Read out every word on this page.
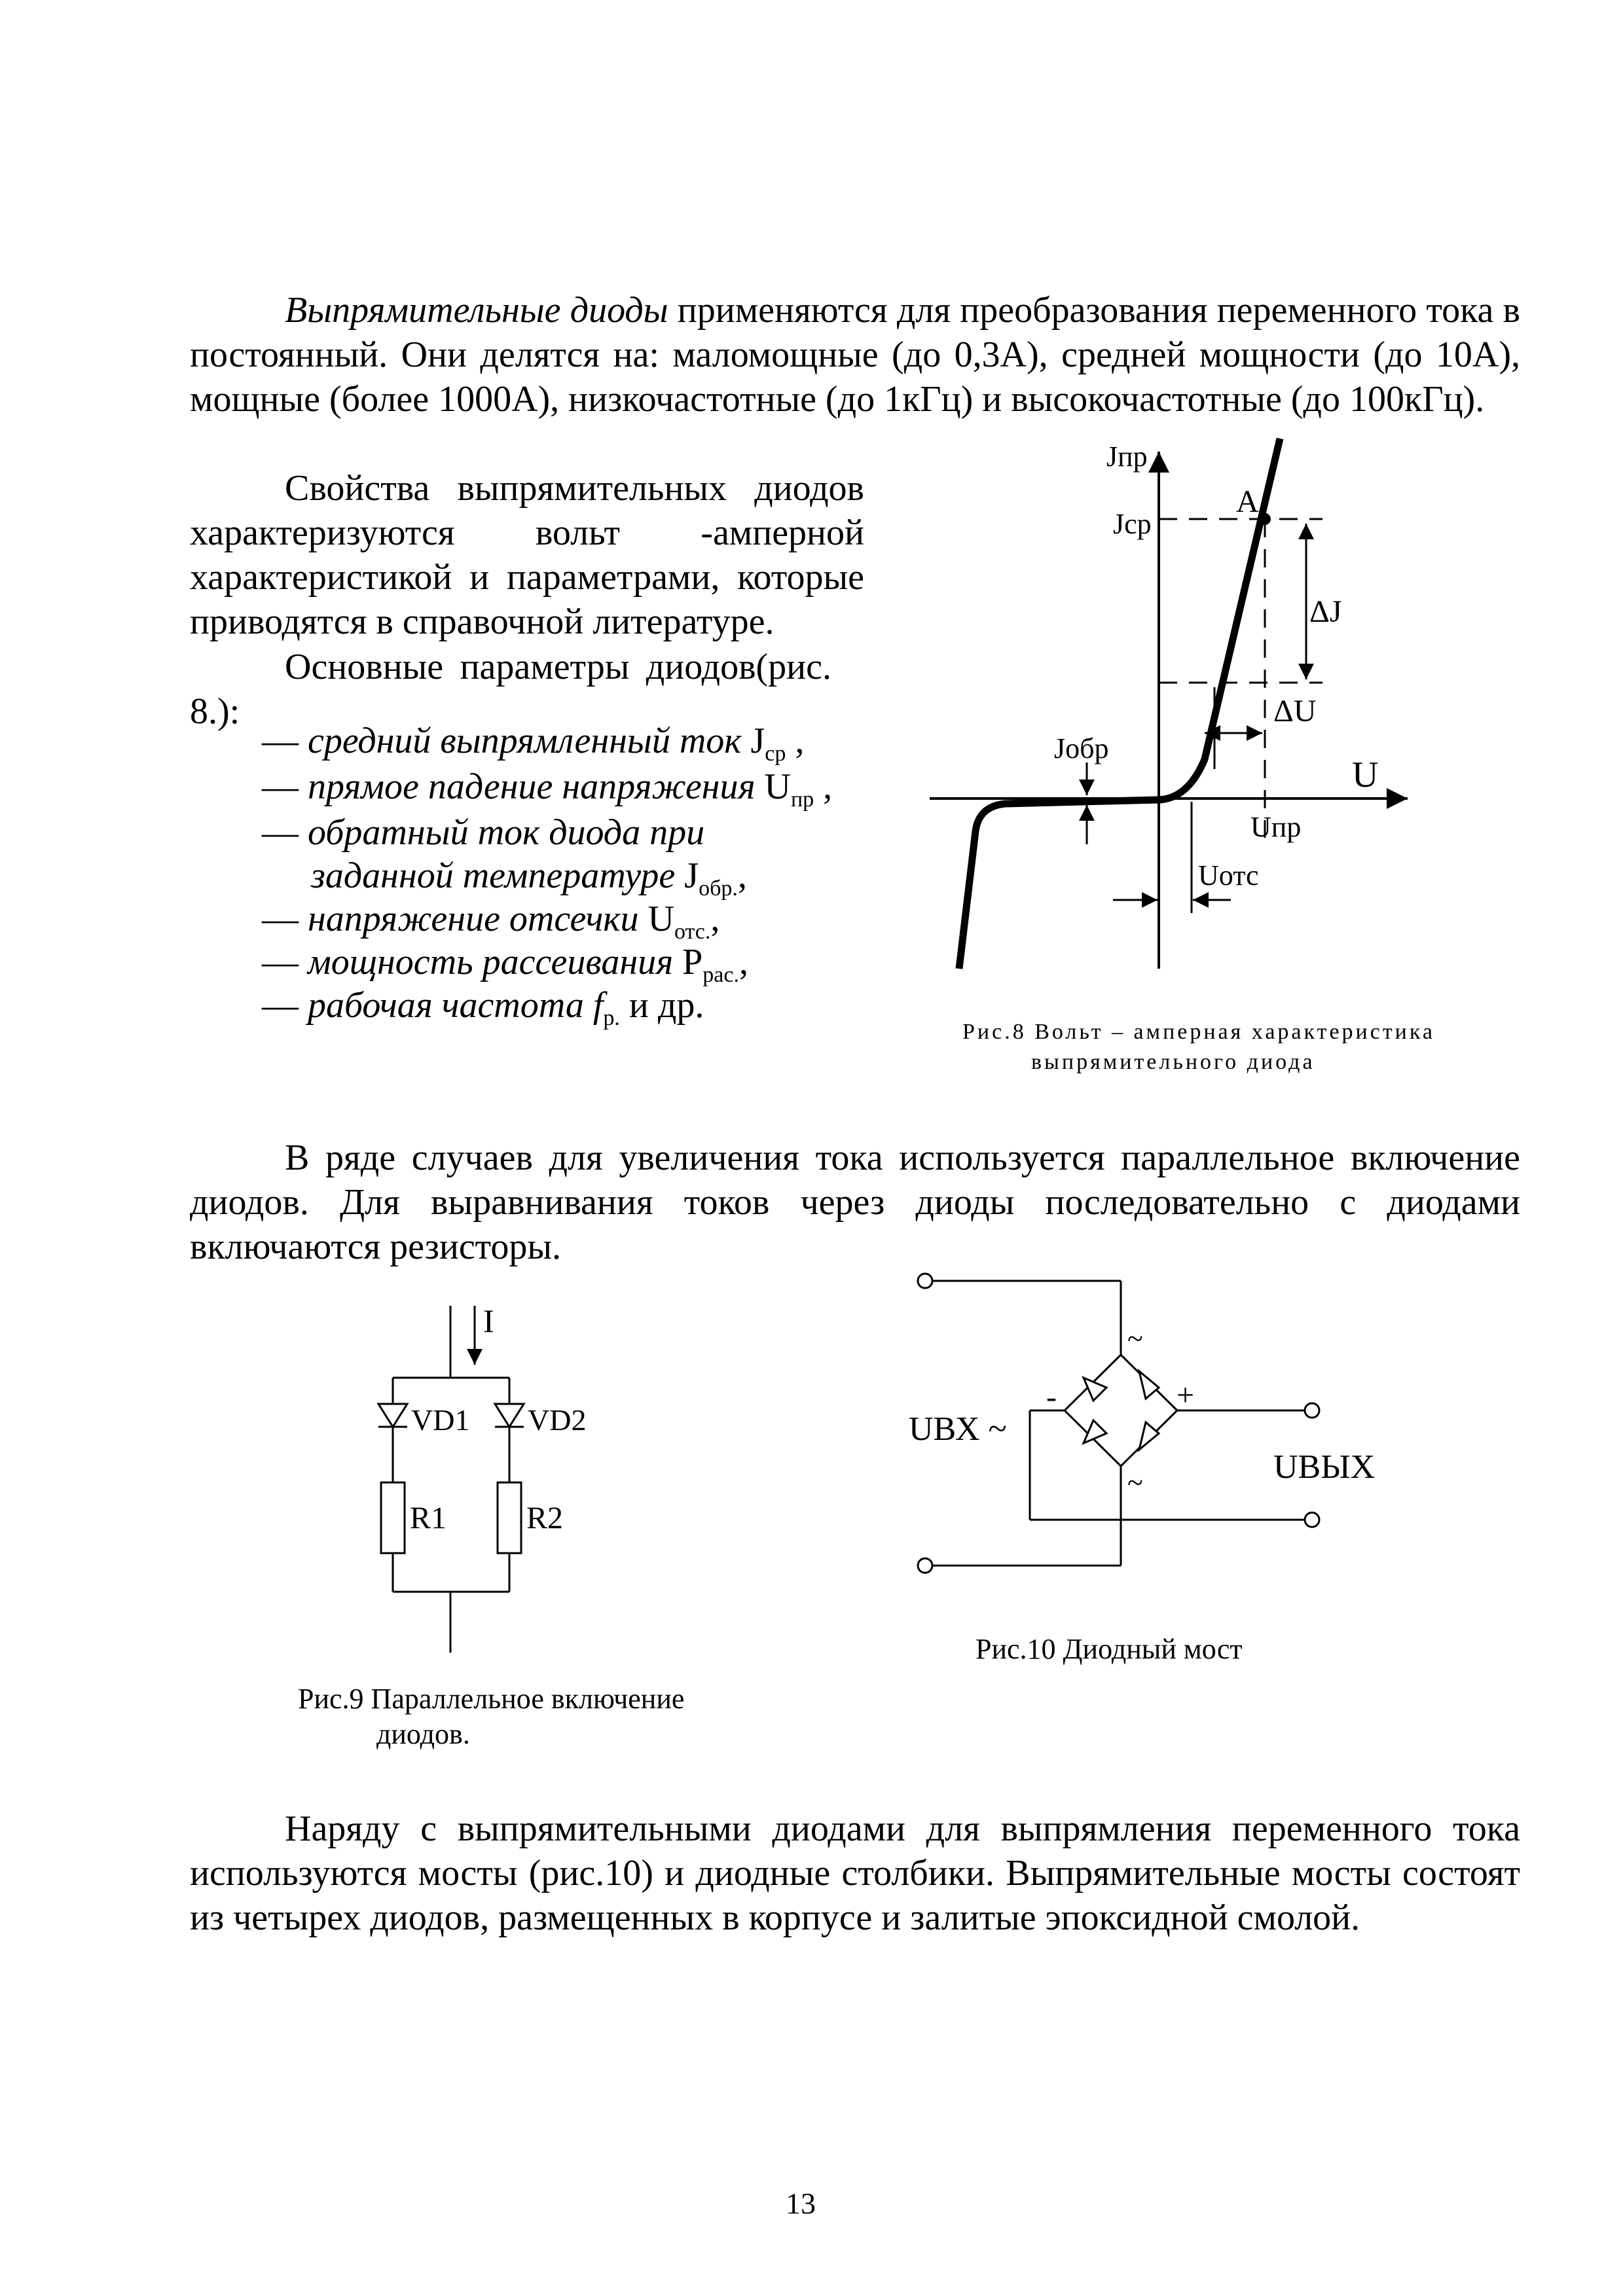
Выпрямительные диоды применяются для преобразования переменного тока в постоянный. Они делятся на: маломощные (до 0,3А), средней мощности (до 10А), мощные (более 1000А), низкочастотные (до 1кГц) и высокочастотные (до 100кГц).

Свойства выпрямительных диодов характеризуются вольт -амперной характеристикой и параметрами, которые приводятся в справочной литературе.

Основные параметры диодов(рис. 8.):

— средний выпрямленный ток $J_{ср}$ ,
— прямое падение напряжения $U_{пр}$ ,
— обратный ток диода при
заданной температуре $J_{обр.}$,
— напряжение отсечки $U_{отс.}$,
— мощность рассеивания $P_{рас.}$,
— рабочая частота $f_{р.}$ и др.
Рис.8 Вольт – амперная характеристика
выпрямительного диода

В ряде случаев для увеличения тока используется параллельное включение диодов. Для выравнивания токов через диоды последовательно с диодами включаются резисторы.

Рис.9 Параллельное включение
диодов.
Рис.10 Диодный мост

Наряду с выпрямительными диодами для выпрямления переменного тока используются мосты (рис.10) и диодные столбики. Выпрямительные мосты состоят из четырех диодов, размещенных в корпусе и залитые эпоксидной смолой.

13
Jпр
Jср
A
ΔJ
ΔU
Jобр
U
Uпр
Uотс
I
VD1 VD2
R1	R2
UВХ ~
UВЫХ
-	+
~
~
